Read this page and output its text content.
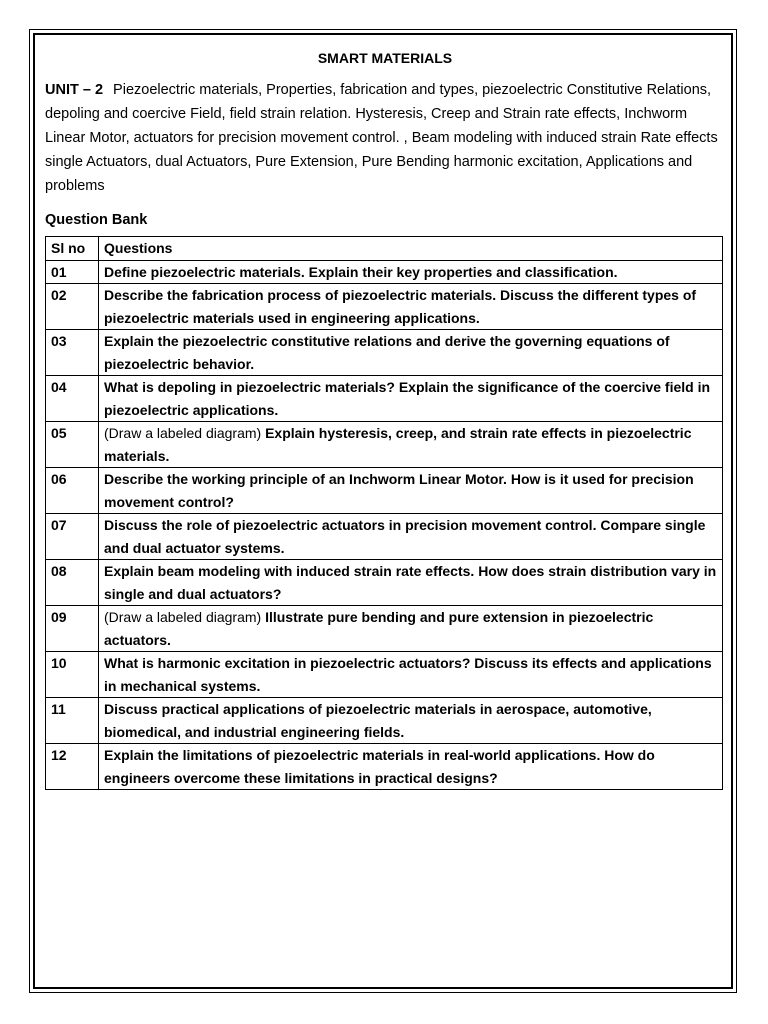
SMART MATERIALS

UNIT – 2 Piezoelectric materials, Properties, fabrication and types, piezoelectric Constitutive Relations, depoling and coercive Field, field strain relation. Hysteresis, Creep and Strain rate effects, Inchworm Linear Motor, actuators for precision movement control. , Beam modeling with induced strain Rate effects single Actuators, dual Actuators, Pure Extension, Pure Bending harmonic excitation, Applications and problems

Question Bank
Sl no	Questions
01	Define piezoelectric materials. Explain their key properties and classification.
02	Describe the fabrication process of piezoelectric materials. Discuss the different types of piezoelectric materials used in engineering applications.
03	Explain the piezoelectric constitutive relations and derive the governing equations of piezoelectric behavior.
04	What is depoling in piezoelectric materials? Explain the significance of the coercive field in piezoelectric applications.
05	(Draw a labeled diagram) Explain hysteresis, creep, and strain rate effects in piezoelectric materials.
06	Describe the working principle of an Inchworm Linear Motor. How is it used for precision movement control?
07	Discuss the role of piezoelectric actuators in precision movement control. Compare single and dual actuator systems.
08	Explain beam modeling with induced strain rate effects. How does strain distribution vary in single and dual actuators?
09	(Draw a labeled diagram) Illustrate pure bending and pure extension in piezoelectric actuators.
10	What is harmonic excitation in piezoelectric actuators? Discuss its effects and applications in mechanical systems.
11	Discuss practical applications of piezoelectric materials in aerospace, automotive, biomedical, and industrial engineering fields.
12	Explain the limitations of piezoelectric materials in real-world applications. How do engineers overcome these limitations in practical designs?
